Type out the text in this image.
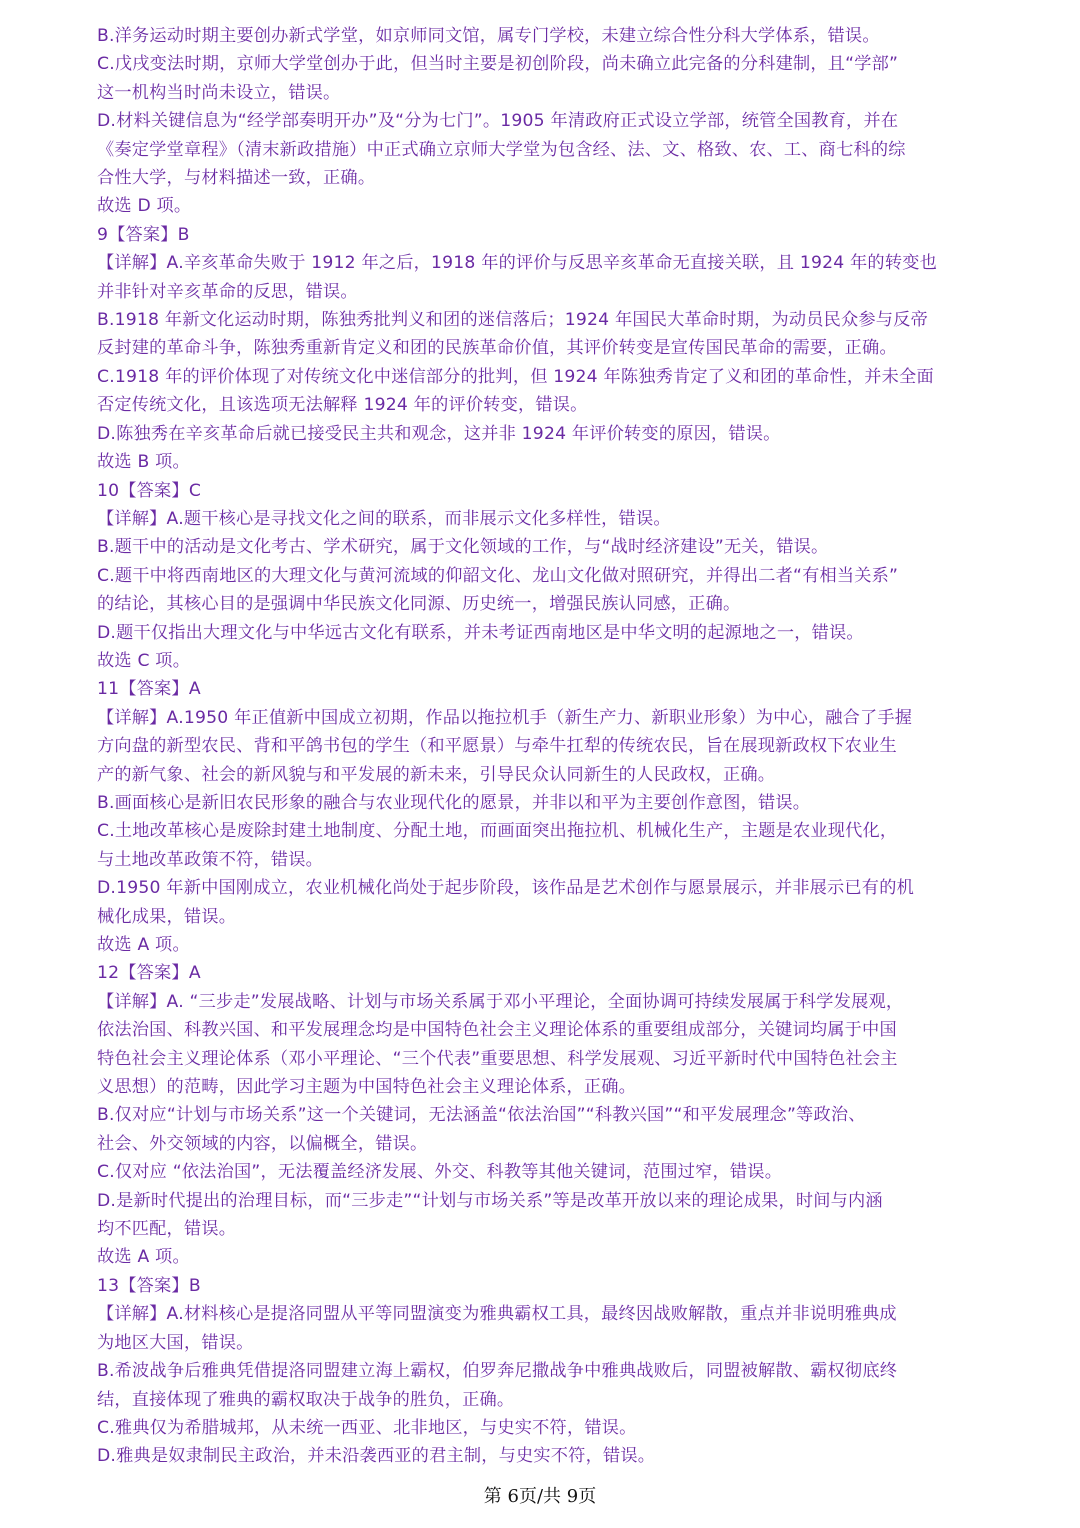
B.洋务运动时期主要创办新式学堂，如京师同文馆，属专门学校，未建立综合性分科大学体系，错误。
C.戊戌变法时期，京师大学堂创办于此，但当时主要是初创阶段，尚未确立此完备的分科建制，且“学部”
这一机构当时尚未设立，错误。
D.材料关键信息为“经学部奏明开办”及“分为七门”。1905 年清政府正式设立学部，统管全国教育，并在
《奏定学堂章程》（清末新政措施）中正式确立京师大学堂为包含经、法、文、格致、农、工、商七科的综
合性大学，与材料描述一致，正确。
故选 D 项。
9【答案】B
【详解】A.辛亥革命失败于 1912 年之后，1918 年的评价与反思辛亥革命无直接关联，且 1924 年的转变也
并非针对辛亥革命的反思，错误。
B.1918 年新文化运动时期，陈独秀批判义和团的迷信落后；1924 年国民大革命时期，为动员民众参与反帝
反封建的革命斗争，陈独秀重新肯定义和团的民族革命价值，其评价转变是宣传国民革命的需要，正确。
C.1918 年的评价体现了对传统文化中迷信部分的批判，但 1924 年陈独秀肯定了义和团的革命性，并未全面
否定传统文化，且该选项无法解释 1924 年的评价转变，错误。
D.陈独秀在辛亥革命后就已接受民主共和观念，这并非 1924 年评价转变的原因，错误。
故选 B 项。
10【答案】C
【详解】A.题干核心是寻找文化之间的联系，而非展示文化多样性，错误。
B.题干中的活动是文化考古、学术研究，属于文化领域的工作，与“战时经济建设”无关，错误。
C.题干中将西南地区的大理文化与黄河流域的仰韶文化、龙山文化做对照研究，并得出二者“有相当关系”
的结论，其核心目的是强调中华民族文化同源、历史统一，增强民族认同感，正确。
D.题干仅指出大理文化与中华远古文化有联系，并未考证西南地区是中华文明的起源地之一，错误。
故选 C 项。
11【答案】A
【详解】A.1950 年正值新中国成立初期，作品以拖拉机手（新生产力、新职业形象）为中心，融合了手握
方向盘的新型农民、背和平鸽书包的学生（和平愿景）与牵牛扛犁的传统农民，旨在展现新政权下农业生
产的新气象、社会的新风貌与和平发展的新未来，引导民众认同新生的人民政权，正确。
B.画面核心是新旧农民形象的融合与农业现代化的愿景，并非以和平为主要创作意图，错误。
C.土地改革核心是废除封建土地制度、分配土地，而画面突出拖拉机、机械化生产，主题是农业现代化，
与土地改革政策不符，错误。
D.1950 年新中国刚成立，农业机械化尚处于起步阶段，该作品是艺术创作与愿景展示，并非展示已有的机
械化成果，错误。
故选 A 项。
12【答案】A
【详解】A. “三步走”发展战略、计划与市场关系属于邓小平理论，全面协调可持续发展属于科学发展观，
依法治国、科教兴国、和平发展理念均是中国特色社会主义理论体系的重要组成部分，关键词均属于中国
特色社会主义理论体系（邓小平理论、“三个代表”重要思想、科学发展观、习近平新时代中国特色社会主
义思想）的范畴，因此学习主题为中国特色社会主义理论体系，正确。
B.仅对应“计划与市场关系”这一个关键词，无法涵盖“依法治国”“科教兴国”“和平发展理念”等政治、
社会、外交领域的内容，以偏概全，错误。
C.仅对应 “依法治国”，无法覆盖经济发展、外交、科教等其他关键词，范围过窄，错误。
D.是新时代提出的治理目标，而“三步走”“计划与市场关系”等是改革开放以来的理论成果，时间与内涵
均不匹配，错误。
故选 A 项。
13【答案】B
【详解】A.材料核心是提洛同盟从平等同盟演变为雅典霸权工具，最终因战败解散，重点并非说明雅典成
为地区大国，错误。
B.希波战争后雅典凭借提洛同盟建立海上霸权，伯罗奔尼撒战争中雅典战败后，同盟被解散、霸权彻底终
结，直接体现了雅典的霸权取决于战争的胜负，正确。
C.雅典仅为希腊城邦，从未统一西亚、北非地区，与史实不符，错误。
D.雅典是奴隶制民主政治，并未沿袭西亚的君主制，与史实不符，错误。
第 6页/共 9页
